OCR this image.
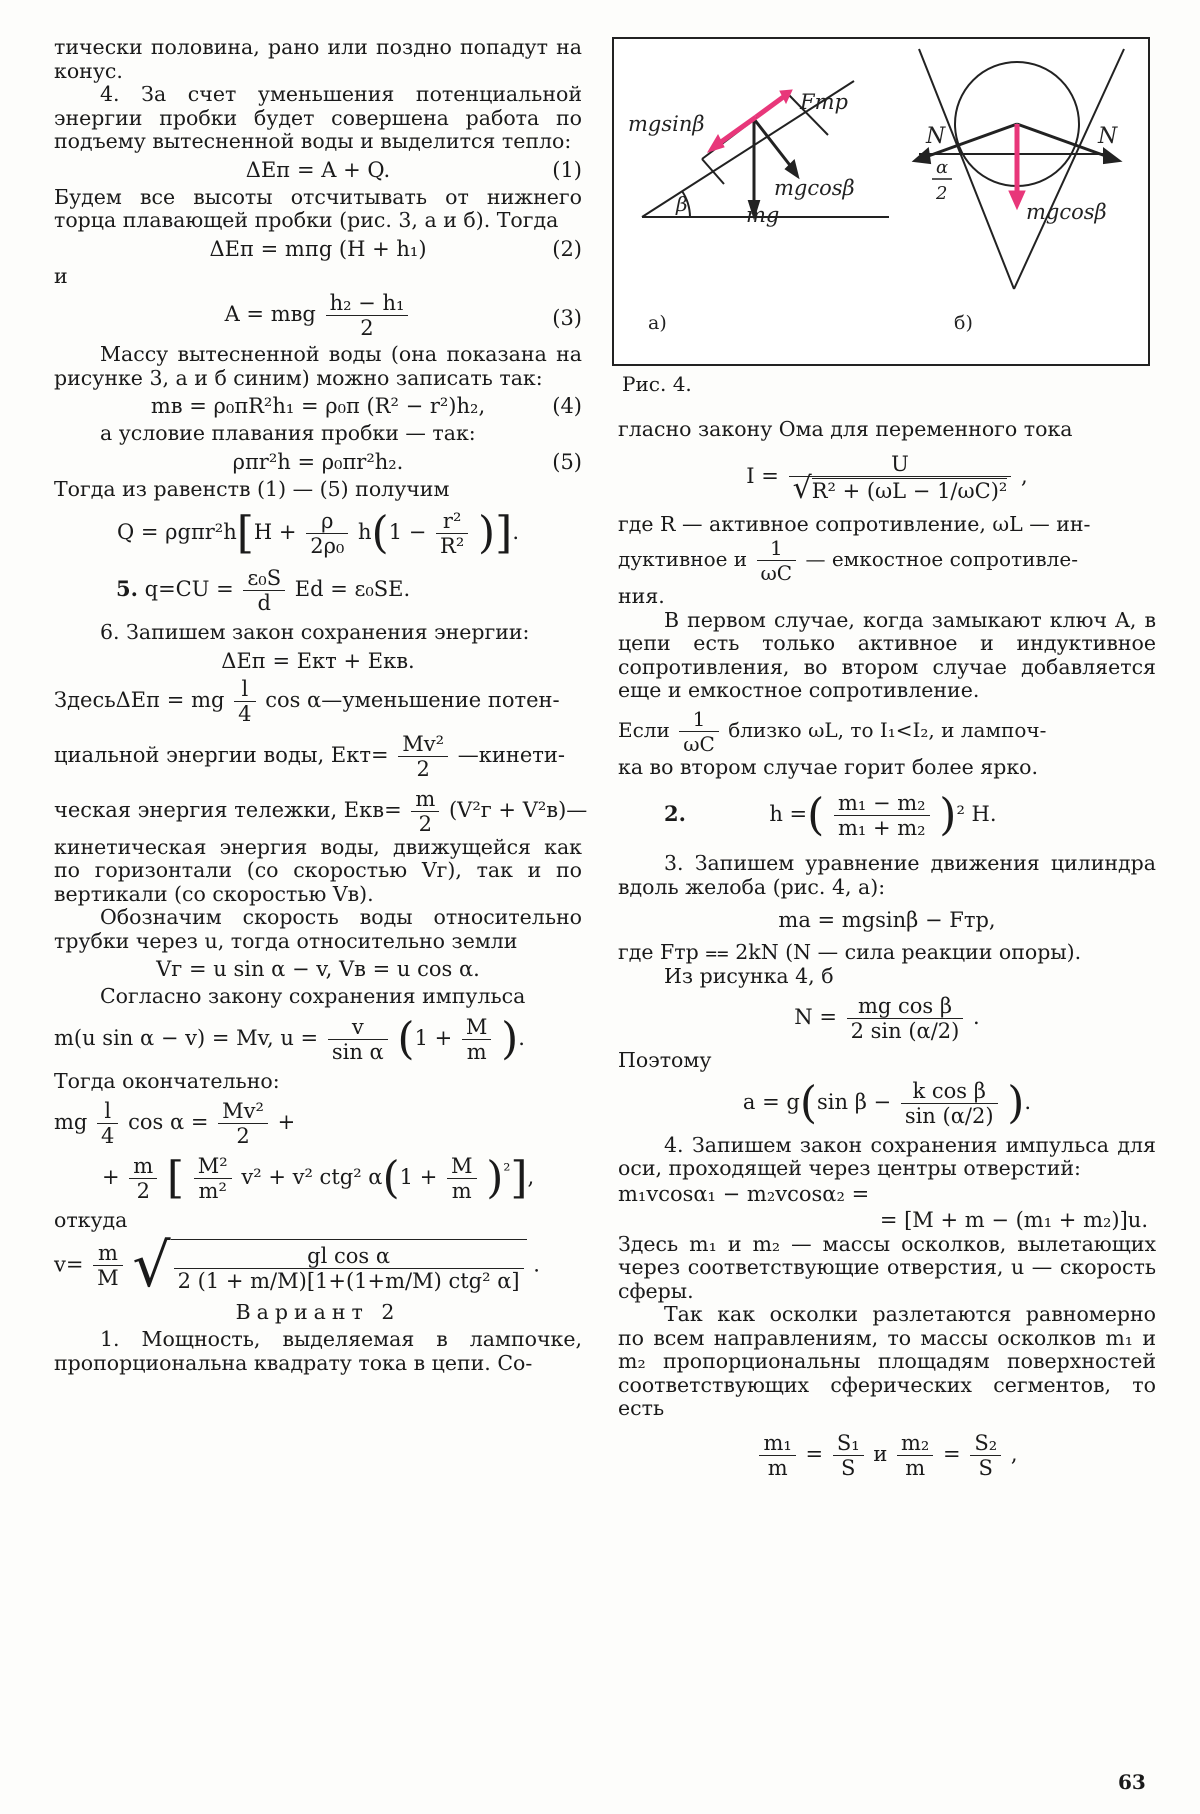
тически половина, рано или поздно попадут на конус.

4. За счет уменьшения потенциальной энергии пробки будет совершена работа по подъему вытесненной воды и выделится тепло:

ΔEп = A + Q.	(1)

Будем все высоты отсчитывать от нижнего торца плавающей пробки (рис. 3, а и б). Тогда

ΔEп = mпg (H + h₁)	(2)

и

A = mвg $\frac{\text{h₂ − h₁}}{2}$	(3)

Массу вытесненной воды (она показана на рисунке 3, а и б синим) можно записать так:

mв = ρ₀πR²h₁ = ρ₀π (R² − r²)h₂,	(4)

а условие плавания пробки — так:

ρπr²h = ρ₀πr²h₂.	(5)

Тогда из равенств (1) — (5) получим

$Q = \rho g\pi r^2h[H + \frac{\rho}{\text{2ρ₀}} h(1 - \frac{\text{r²}}{\text{R²}}$ )].
5. $q=CU = \frac{\text{ε₀S}}{d}$ Ed = ε₀SE.

6. Запишем закон сохранения энергии:

ΔEп = Eкт + Eкв.
ЗдесьΔEп = mg $\frac{l}{4}$ cos α—уменьшение потен-
циальной энергии воды, $Eкт= \frac{\text{Mv²}}{2}$ —кинети-
ческая энергия тележки, $Eкв= \frac{m}{2} (V^2г$ + V²в)—

кинетическая энергия воды, движущейся как по горизонтали (со скоростью Vг), так и по вертикали (со скоростью Vв).

Обозначим скорость воды относительно трубки через u, тогда относительно земли

Vг = u sin α − v, Vв = u cos α.

Согласно закону сохранения импульса

m(u sin α − v) = Mv, $u = \frac{v}{\text{sin α}} (1 + \frac{M}{m}$ ).

Тогда окончательно:

mg $\frac{l}{4}$ $\cos \alpha = \frac{\text{Mv²}}{2}$ +
+ $\frac{m}{2}$ [ $\frac{\text{M²}}{\text{m²}} v^2 + v^2$ ctg² $\alpha(1 + \frac{M}{m} )^{^2}$],

откуда

$v= \frac{m}{M}$ √	gl cos α
2 (1 + m/M)[1+(1+m/M) ctg² α]
.

Вариант 2

1. Мощность, выделяемая в лампочке, пропорциональна квадрату тока в цепи. Со-

mgsinβ
Fтр
β
mgcosβ
mg
а)
N	N
α
2
mgcosβ
б)
Рис. 4.

гласно закону Ома для переменного тока

$I = \frac{U}{\text{√R² + (ωL − 1/ωC)²}}$ ,

где R — активное сопротивление, ωL — ин-

дуктивное и $\frac{1}{\omega C}$ — емкостное сопротивле-

ния.

В первом случае, когда замыкают ключ A, в цепи есть только активное и индуктивное сопротивления, во втором случае добавляется еще и емкостное сопротивление.

Если $\frac{1}{\omega C}$ близко ωL, то I₁<I₂, и лампоч-

ка во втором случае горит более ярко.

2.	h =( $\frac{\text{m₁ − m₂}}{\text{m₁ + m₂}} )^2$ H.

3. Запишем уравнение движения цилиндра вдоль желоба (рис. 4, а):

ma = mgsinβ − Fтр,

где Fтр ⩵ 2kN (N — сила реакции опоры).

Из рисунка 4, б

$N = \frac{\text{mg cos β}}{2 \sin (\alpha/2)}$ .

Поэтому

a = g(sin $\beta - \frac{\text{k cos β}}{\sin (\alpha/2)}$ ).

4. Запишем закон сохранения импульса для оси, проходящей через центры отверстий:

m₁vcosα₁ − m₂vcosα₂ =
= [M + m − (m₁ + m₂)]u.

Здесь m₁ и m₂ — массы осколков, вылетающих через соответствующие отверстия, u — скорость сферы.

Так как осколки разлетаются равномерно по всем направлениям, то массы осколков m₁ и m₂ пропорциональны площадям поверхностей соответствующих сферических сегментов, то есть

$\frac{\text{m₁}}{m} = \frac{\text{S₁}}{S}$ и $\frac{\text{m₂}}{m} = \frac{\text{S₂}}{S}$ ,
63
